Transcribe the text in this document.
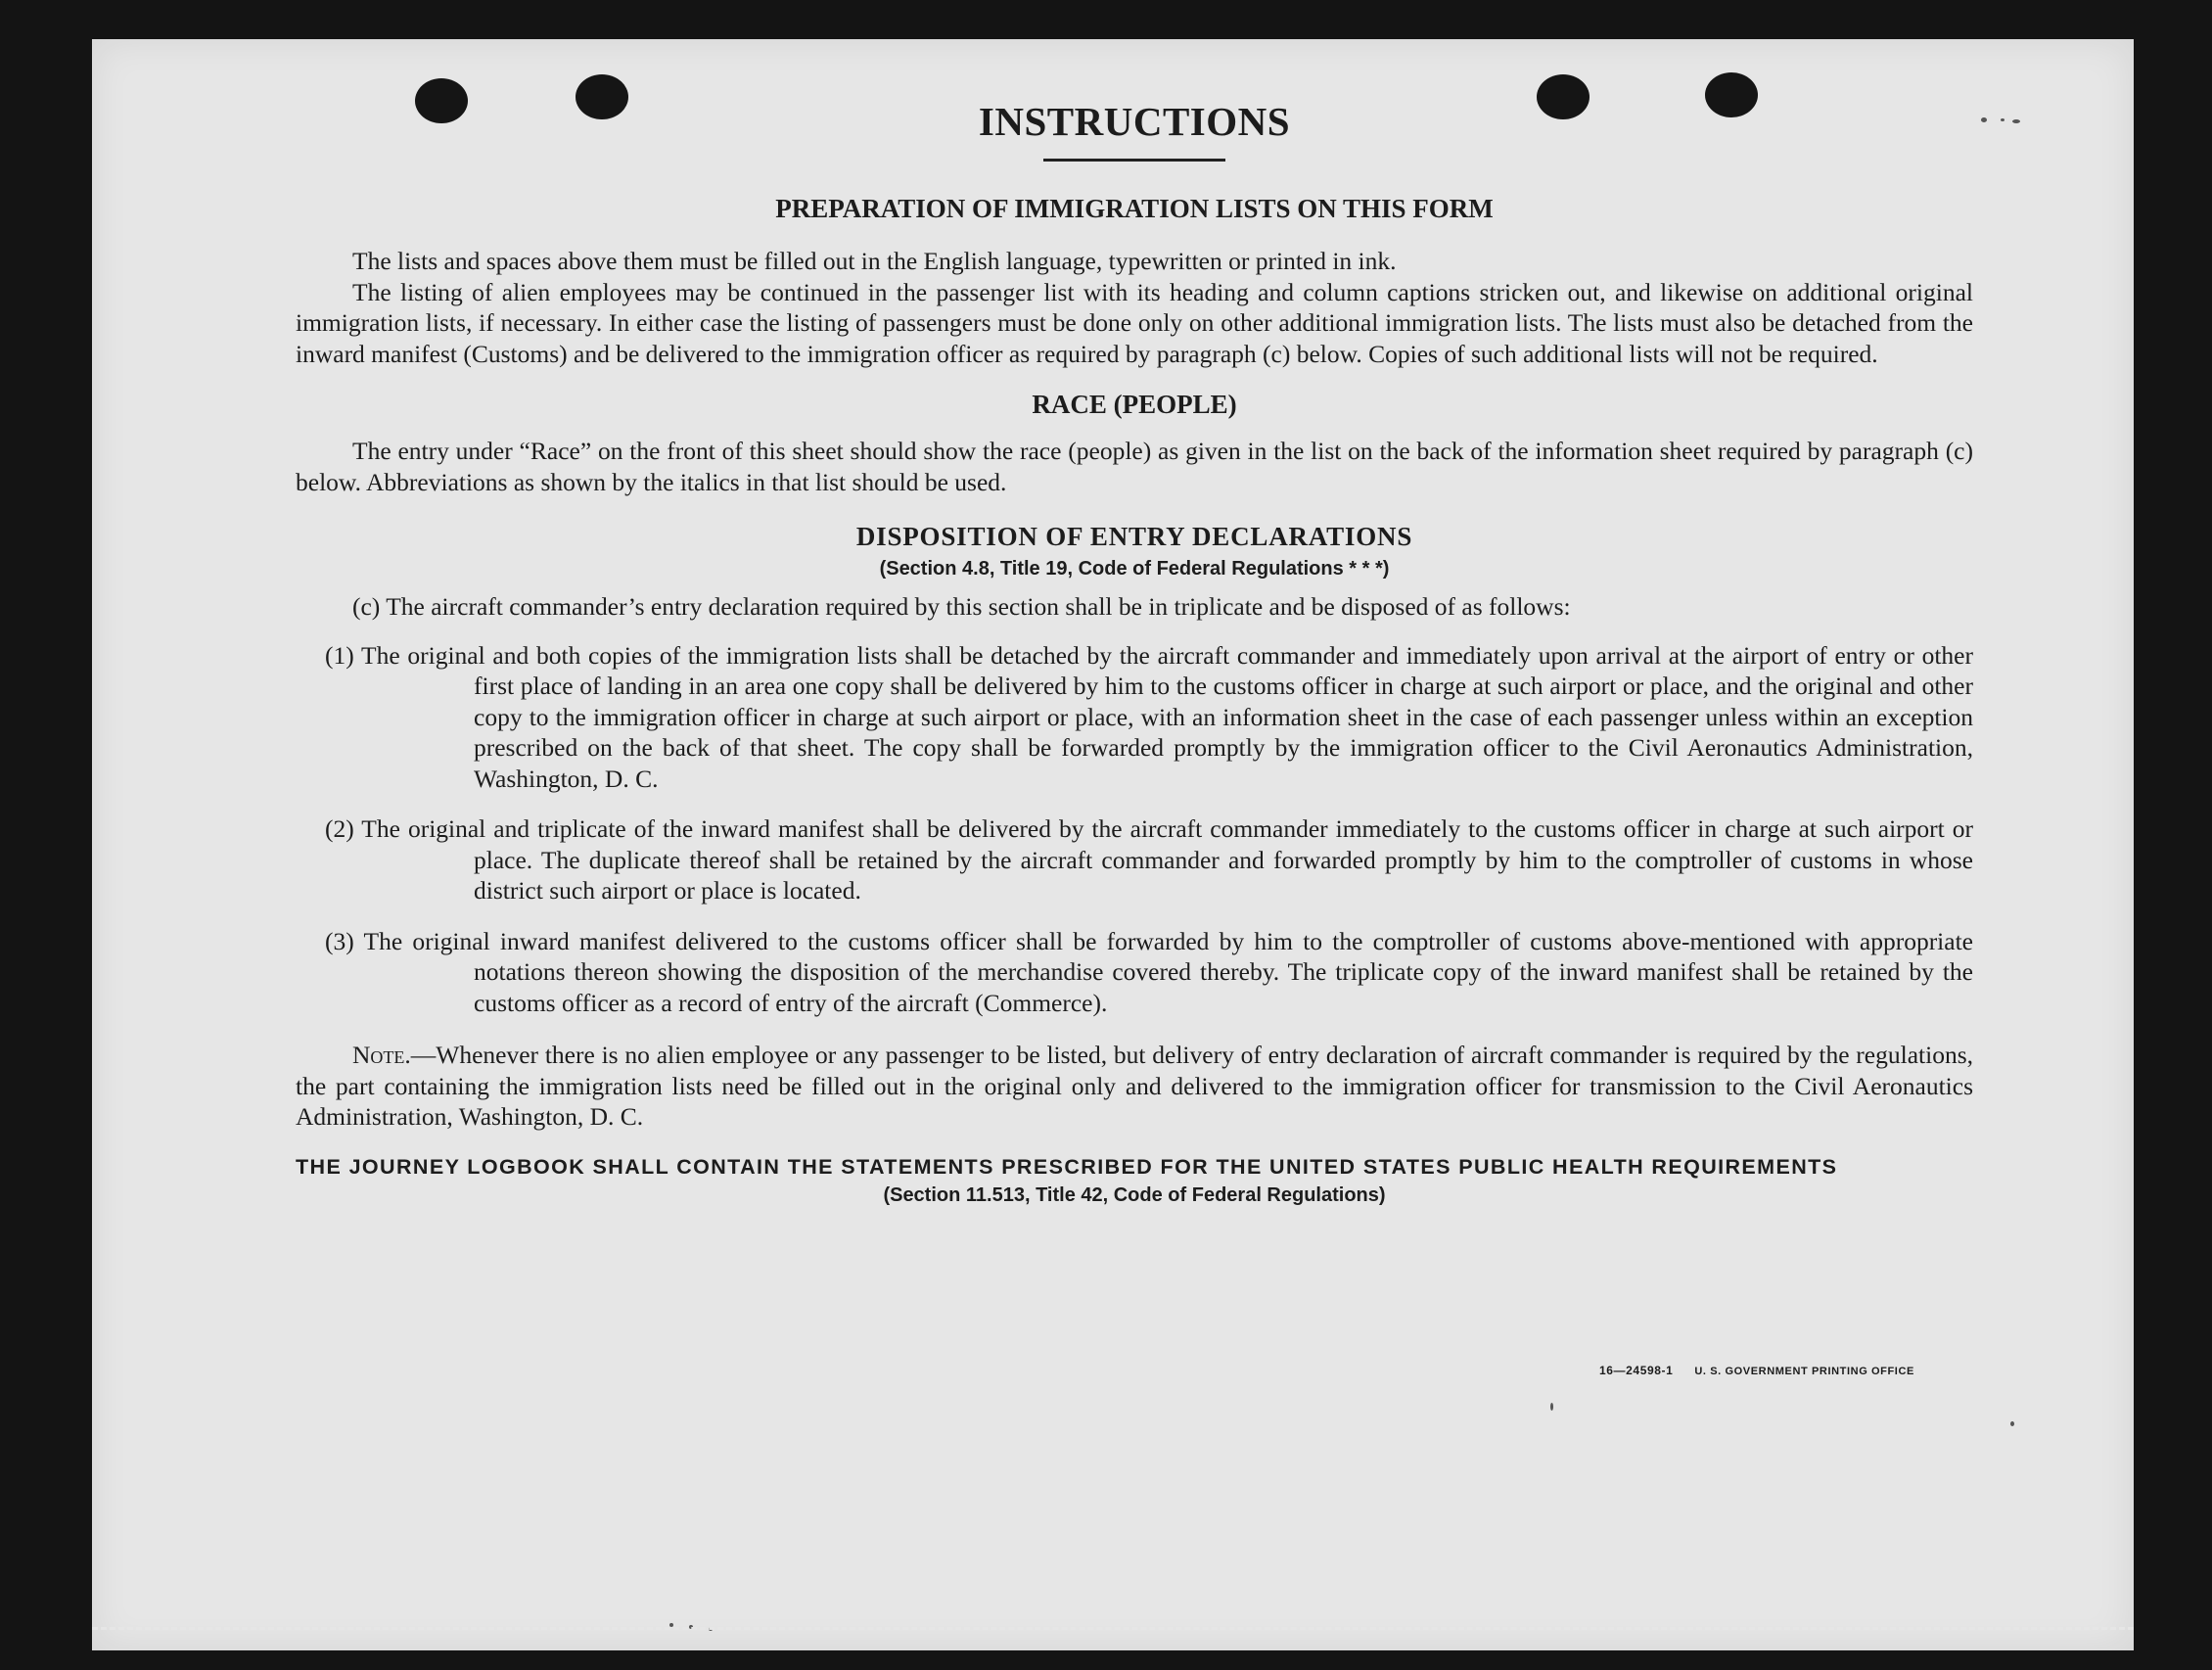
INSTRUCTIONS
PREPARATION OF IMMIGRATION LISTS ON THIS FORM

The lists and spaces above them must be filled out in the English language, typewritten or printed in ink.

The listing of alien employees may be continued in the passenger list with its heading and column captions stricken out, and likewise on additional original immigration lists, if necessary. In either case the listing of passengers must be done only on other additional immigration lists. The lists must also be detached from the inward manifest (Customs) and be delivered to the immigration officer as required by paragraph (c) below. Copies of such additional lists will not be required.

RACE (PEOPLE)

The entry under “Race” on the front of this sheet should show the race (people) as given in the list on the back of the information sheet required by paragraph (c) below. Abbreviations as shown by the italics in that list should be used.

DISPOSITION OF ENTRY DECLARATIONS
(Section 4.8, Title 19, Code of Federal Regulations * * *)

(c) The aircraft commander’s entry declaration required by this section shall be in triplicate and be disposed of as follows:

(1) The original and both copies of the immigration lists shall be detached by the aircraft commander and immediately upon arrival at the airport of entry or other first place of landing in an area one copy shall be delivered by him to the customs officer in charge at such airport or place, and the original and other copy to the immigration officer in charge at such airport or place, with an information sheet in the case of each passenger unless within an exception prescribed on the back of that sheet. The copy shall be forwarded promptly by the immigration officer to the Civil Aeronautics Administration, Washington, D. C.

(2) The original and triplicate of the inward manifest shall be delivered by the aircraft commander immediately to the customs officer in charge at such airport or place. The duplicate thereof shall be retained by the aircraft commander and forwarded promptly by him to the comptroller of customs in whose district such airport or place is located.

(3) The original inward manifest delivered to the customs officer shall be forwarded by him to the comptroller of customs above-mentioned with appropriate notations thereon showing the disposition of the merchandise covered thereby. The triplicate copy of the inward manifest shall be retained by the customs officer as a record of entry of the aircraft (Commerce).

Note.—Whenever there is no alien employee or any passenger to be listed, but delivery of entry declaration of aircraft commander is required by the regulations, the part containing the immigration lists need be filled out in the original only and delivered to the immigration officer for transmission to the Civil Aeronautics Administration, Washington, D. C.

THE JOURNEY LOGBOOK SHALL CONTAIN THE STATEMENTS PRESCRIBED FOR THE UNITED STATES PUBLIC HEALTH REQUIREMENTS
(Section 11.513, Title 42, Code of Federal Regulations)
16—24598-1 U. S. GOVERNMENT PRINTING OFFICE
